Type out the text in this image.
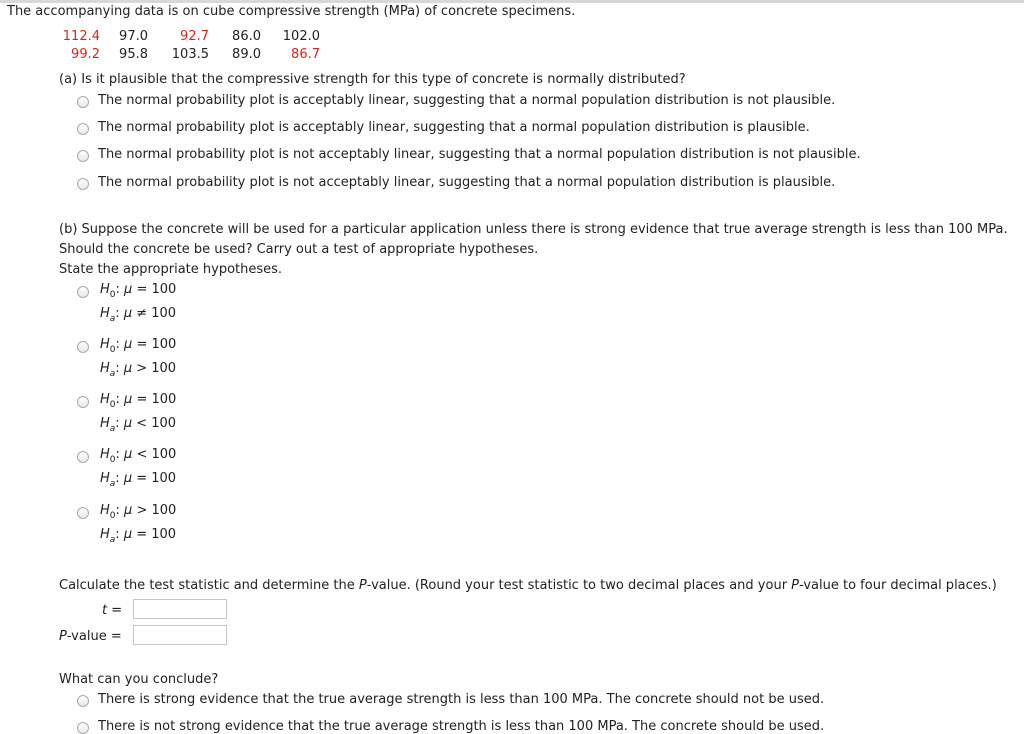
The accompanying data is on cube compressive strength (MPa) of concrete specimens.
112.4	97.0	92.7	86.0	102.0
99.2	95.8	103.5	89.0	86.7
(a) Is it plausible that the compressive strength for this type of concrete is normally distributed?
The normal probability plot is acceptably linear, suggesting that a normal population distribution is not plausible.
The normal probability plot is acceptably linear, suggesting that a normal population distribution is plausible.
The normal probability plot is not acceptably linear, suggesting that a normal population distribution is not plausible.
The normal probability plot is not acceptably linear, suggesting that a normal population distribution is plausible.
(b) Suppose the concrete will be used for a particular application unless there is strong evidence that true average strength is less than 100 MPa.
Should the concrete be used? Carry out a test of appropriate hypotheses.
State the appropriate hypotheses.
$H_0$: μ = 100
$H_a$: μ ≠ 100
$H_0$: μ = 100
$H_a$: μ > 100
$H_0$: μ = 100
$H_a$: μ < 100
$H_0$: μ < 100
$H_a$: μ = 100
$H_0$: μ > 100
$H_a$: μ = 100
Calculate the test statistic and determine the P-value. (Round your test statistic to two decimal places and your P-value to four decimal places.)
t =
P-value =
What can you conclude?
There is strong evidence that the true average strength is less than 100 MPa. The concrete should not be used.
There is not strong evidence that the true average strength is less than 100 MPa. The concrete should be used.
